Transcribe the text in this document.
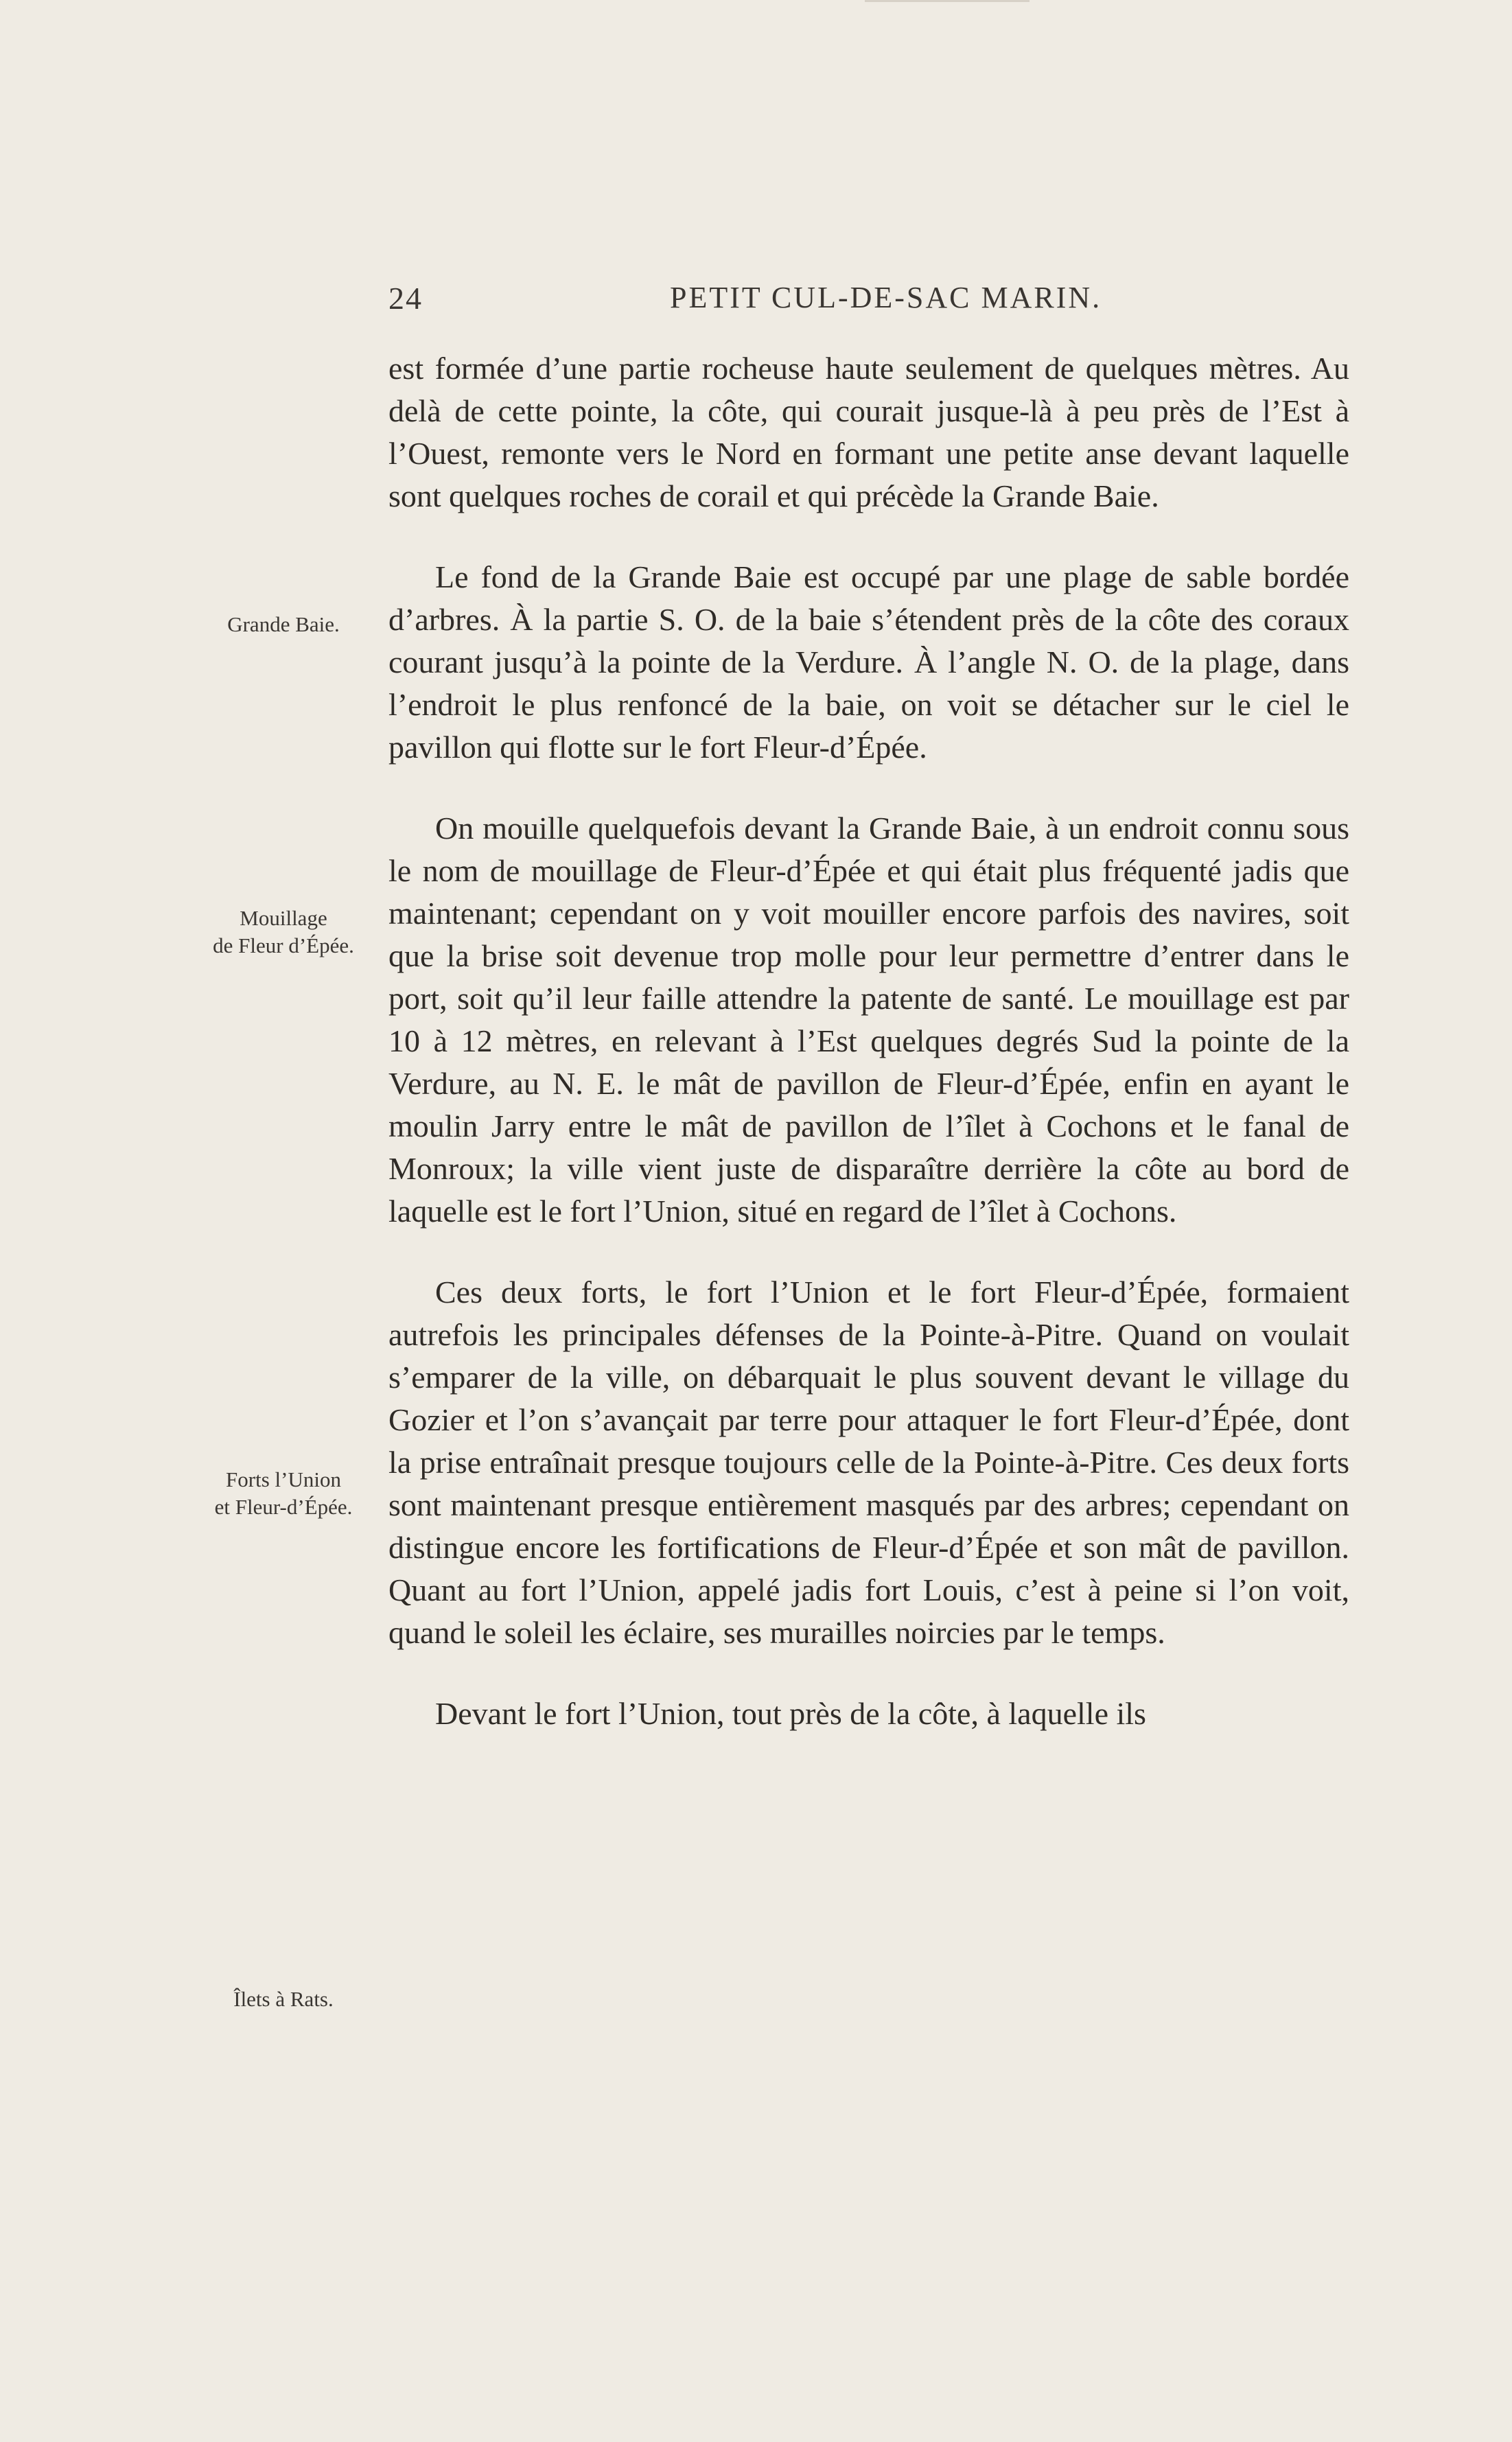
24	PETIT CUL-DE-SAC MARIN.
Grande Baie.
Mouillage
de Fleur d’Épée.
Forts l’Union
et Fleur-d’Épée.
Îlets à Rats.

est formée d’une partie rocheuse haute seulement de quelques mètres. Au delà de cette pointe, la côte, qui courait jusque-là à peu près de l’Est à l’Ouest, remonte vers le Nord en formant une petite anse devant laquelle sont quelques roches de corail et qui précède la Grande Baie.

Le fond de la Grande Baie est occupé par une plage de sable bordée d’arbres. À la partie S. O. de la baie s’étendent près de la côte des coraux courant jusqu’à la pointe de la Verdure. À l’angle N. O. de la plage, dans l’endroit le plus renfoncé de la baie, on voit se détacher sur le ciel le pavillon qui flotte sur le fort Fleur-d’Épée.

On mouille quelquefois devant la Grande Baie, à un endroit connu sous le nom de mouillage de Fleur-d’Épée et qui était plus fréquenté jadis que maintenant; cependant on y voit mouiller encore parfois des navires, soit que la brise soit devenue trop molle pour leur permettre d’entrer dans le port, soit qu’il leur faille attendre la patente de santé. Le mouillage est par 10 à 12 mètres, en relevant à l’Est quelques degrés Sud la pointe de la Verdure, au N. E. le mât de pavillon de Fleur-d’Épée, enfin en ayant le moulin Jarry entre le mât de pavillon de l’îlet à Cochons et le fanal de Monroux; la ville vient juste de disparaître derrière la côte au bord de laquelle est le fort l’Union, situé en regard de l’îlet à Cochons.

Ces deux forts, le fort l’Union et le fort Fleur-d’Épée, formaient autrefois les principales défenses de la Pointe-à-Pitre. Quand on voulait s’emparer de la ville, on débarquait le plus souvent devant le village du Gozier et l’on s’avançait par terre pour attaquer le fort Fleur-d’Épée, dont la prise entraînait presque toujours celle de la Pointe-à-Pitre. Ces deux forts sont maintenant presque entièrement masqués par des arbres; cependant on distingue encore les fortifications de Fleur-d’Épée et son mât de pavillon. Quant au fort l’Union, appelé jadis fort Louis, c’est à peine si l’on voit, quand le soleil les éclaire, ses murailles noircies par le temps.

Devant le fort l’Union, tout près de la côte, à laquelle ils
